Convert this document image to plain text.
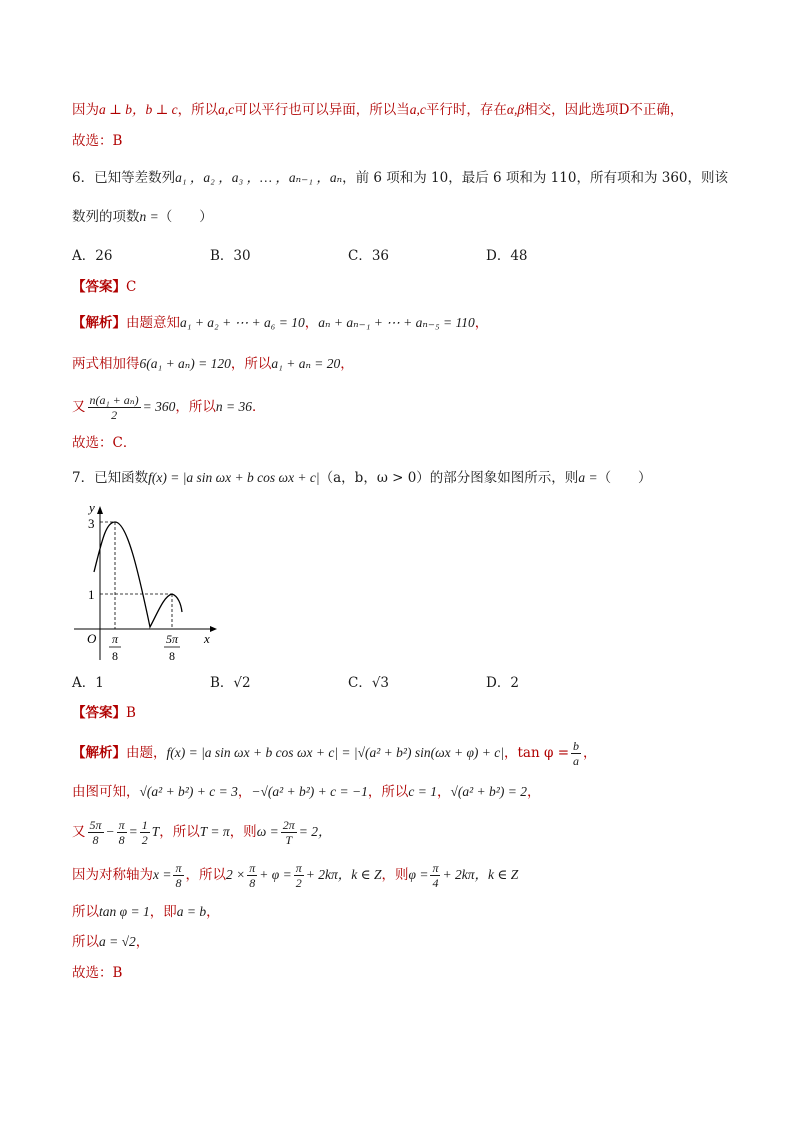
因为a ⊥ b，b ⊥ c，所以a,c可以平行也可以异面，所以当a,c平行时，存在α,β相交，因此选项D不正确，
故选：B
6．已知等差数列a₁ ，a₂ ，a₃ ，… ，aₙ₋₁ ，aₙ，前 6 项和为 10，最后 6 项和为 110，所有项和为 360，则该
数列的项数n =（　　）
A．26	B．30	C．36	D．48
【答案】C
【解析】由题意知a₁ + a₂ + ⋯ + a₆ = 10，aₙ + aₙ₋₁ + ⋯ + aₙ₋₅ = 110，
两式相加得6(a₁ + aₙ) = 120，所以a₁ + aₙ = 20，
又 $\frac{\text{n(a₁ + aₙ)}}{2} = 360$，所以n = 36．
故选：C．
7．已知函数f(x) = |a sin ωx + b cos ωx + c|（a，b，ω > 0）的部分图象如图所示，则a =（　　）
y
x
O
3
1
π
8
5π
8
A．1	B．√2	C．√3	D．2
【答案】B
【解析】由题，f(x) = |a sin ωx + b cos ωx + c| = |√(a² + b²) sin(ωx + φ) + c|，$\tan \varphi = \frac{b}{a}$ ，
由图可知，√(a² + b²) + c = 3，−√(a² + b²) + c = −1，所以c = 1，√(a² + b²) = 2，
又 $\frac{5\pi}{8} - \frac{\pi}{8} = \frac{1}{2}$ T，所以T = π，则$\omega = \frac{2\pi}{T} = 2$，
因为对称轴为$x = \frac{\pi}{8}$ ，所以$2 \times \frac{\pi}{8} + \varphi = \frac{\pi}{2} + 2k\pi$，k ∈ Z，则$\varphi = \frac{\pi}{4} + 2k\pi$，k ∈ Z
所以tan φ = 1，即a = b，
所以a = √2，
故选：B
